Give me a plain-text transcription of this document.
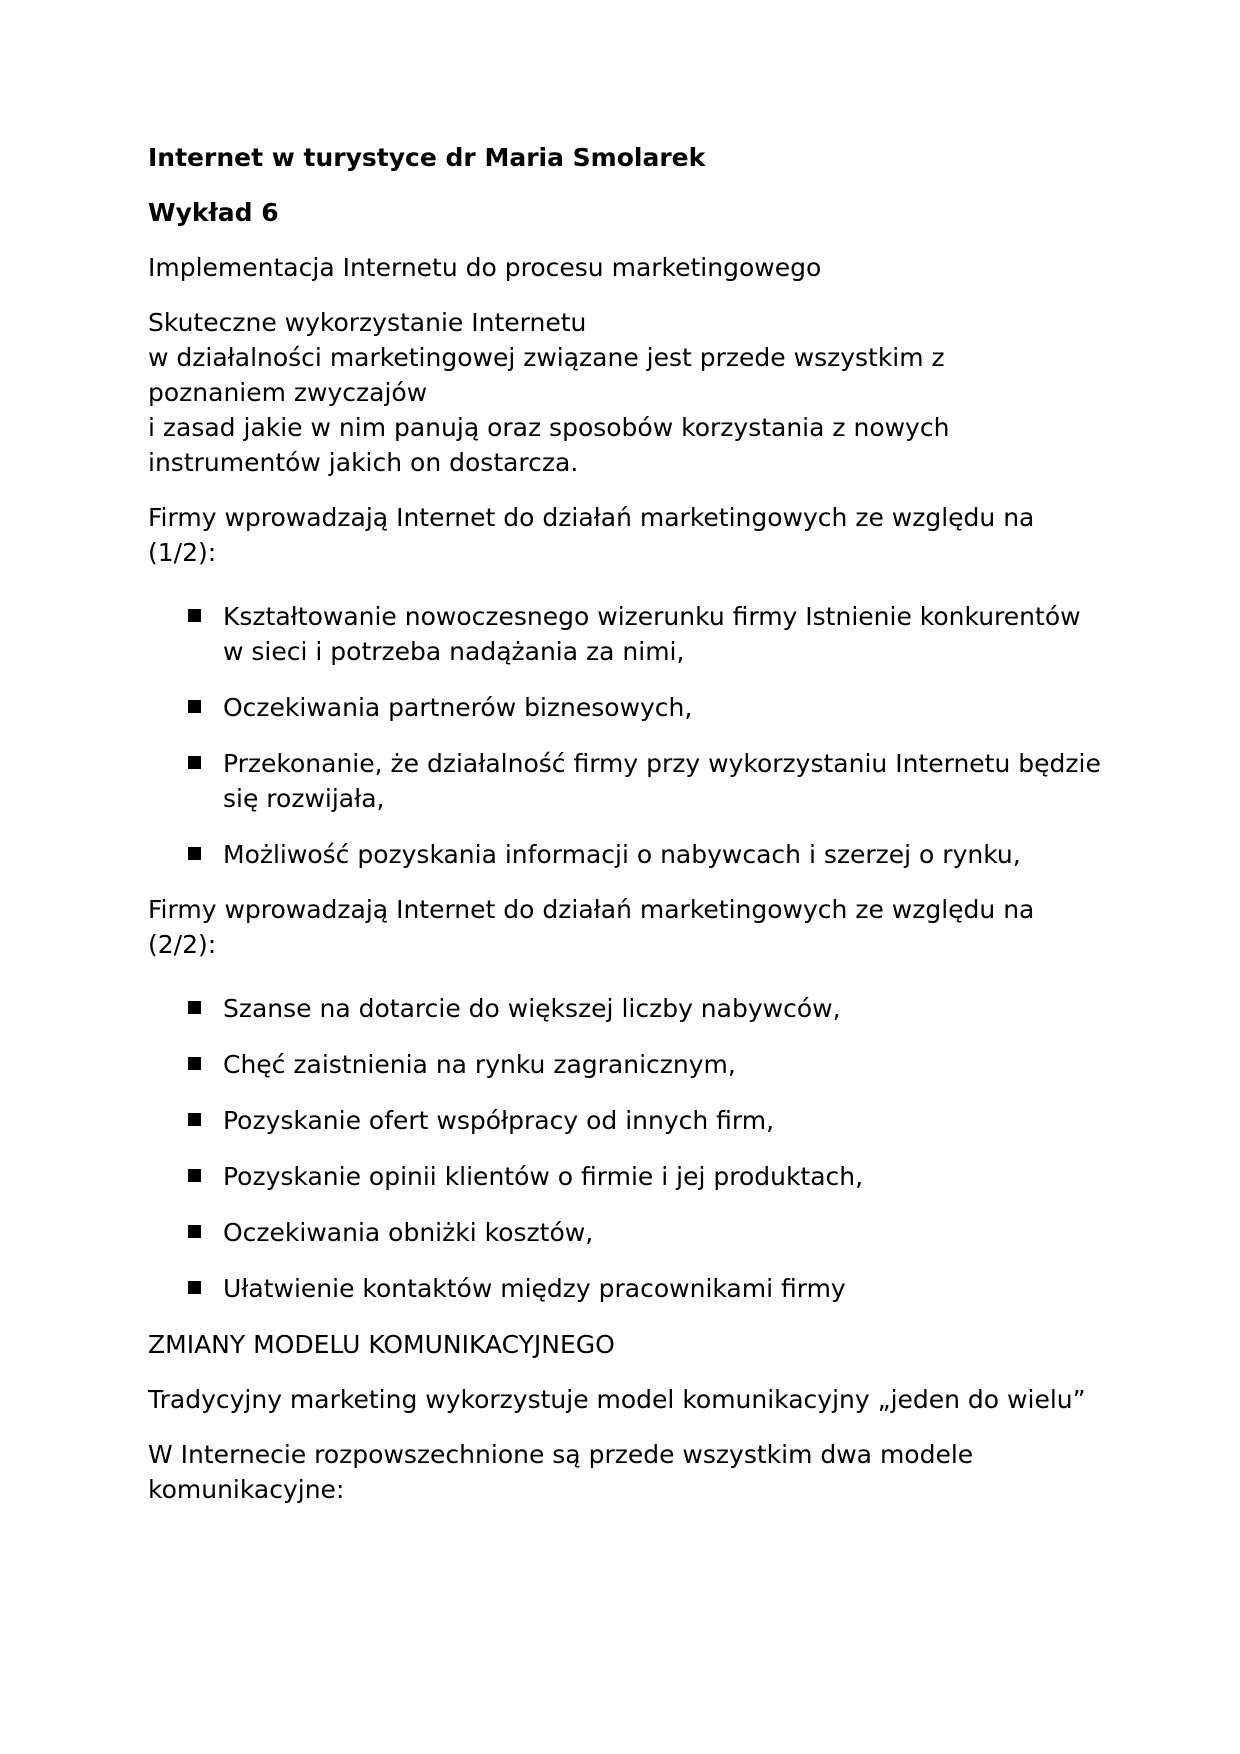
Internet w turystyce dr Maria Smolarek

Wykład 6

Implementacja Internetu do procesu marketingowego

Skuteczne wykorzystanie Internetu
w działalności marketingowej związane jest przede wszystkim z
poznaniem zwyczajów
i zasad jakie w nim panują oraz sposobów korzystania z nowych
instrumentów jakich on dostarcza.

Firmy wprowadzają Internet do działań marketingowych ze względu na (1/2):

Kształtowanie nowoczesnego wizerunku firmy Istnienie konkurentów w sieci i potrzeba nadążania za nimi,
Oczekiwania partnerów biznesowych,
Przekonanie, że działalność firmy przy wykorzystaniu Internetu będzie się rozwijała,
Możliwość pozyskania informacji o nabywcach i szerzej o rynku,

Firmy wprowadzają Internet do działań marketingowych ze względu na (2/2):

Szanse na dotarcie do większej liczby nabywców,
Chęć zaistnienia na rynku zagranicznym,
Pozyskanie ofert współpracy od innych firm,
Pozyskanie opinii klientów o firmie i jej produktach,
Oczekiwania obniżki kosztów,
Ułatwienie kontaktów między pracownikami firmy

ZMIANY MODELU KOMUNIKACYJNEGO

Tradycyjny marketing wykorzystuje model komunikacyjny „jeden do wielu”

W Internecie rozpowszechnione są przede wszystkim dwa modele komunikacyjne:
